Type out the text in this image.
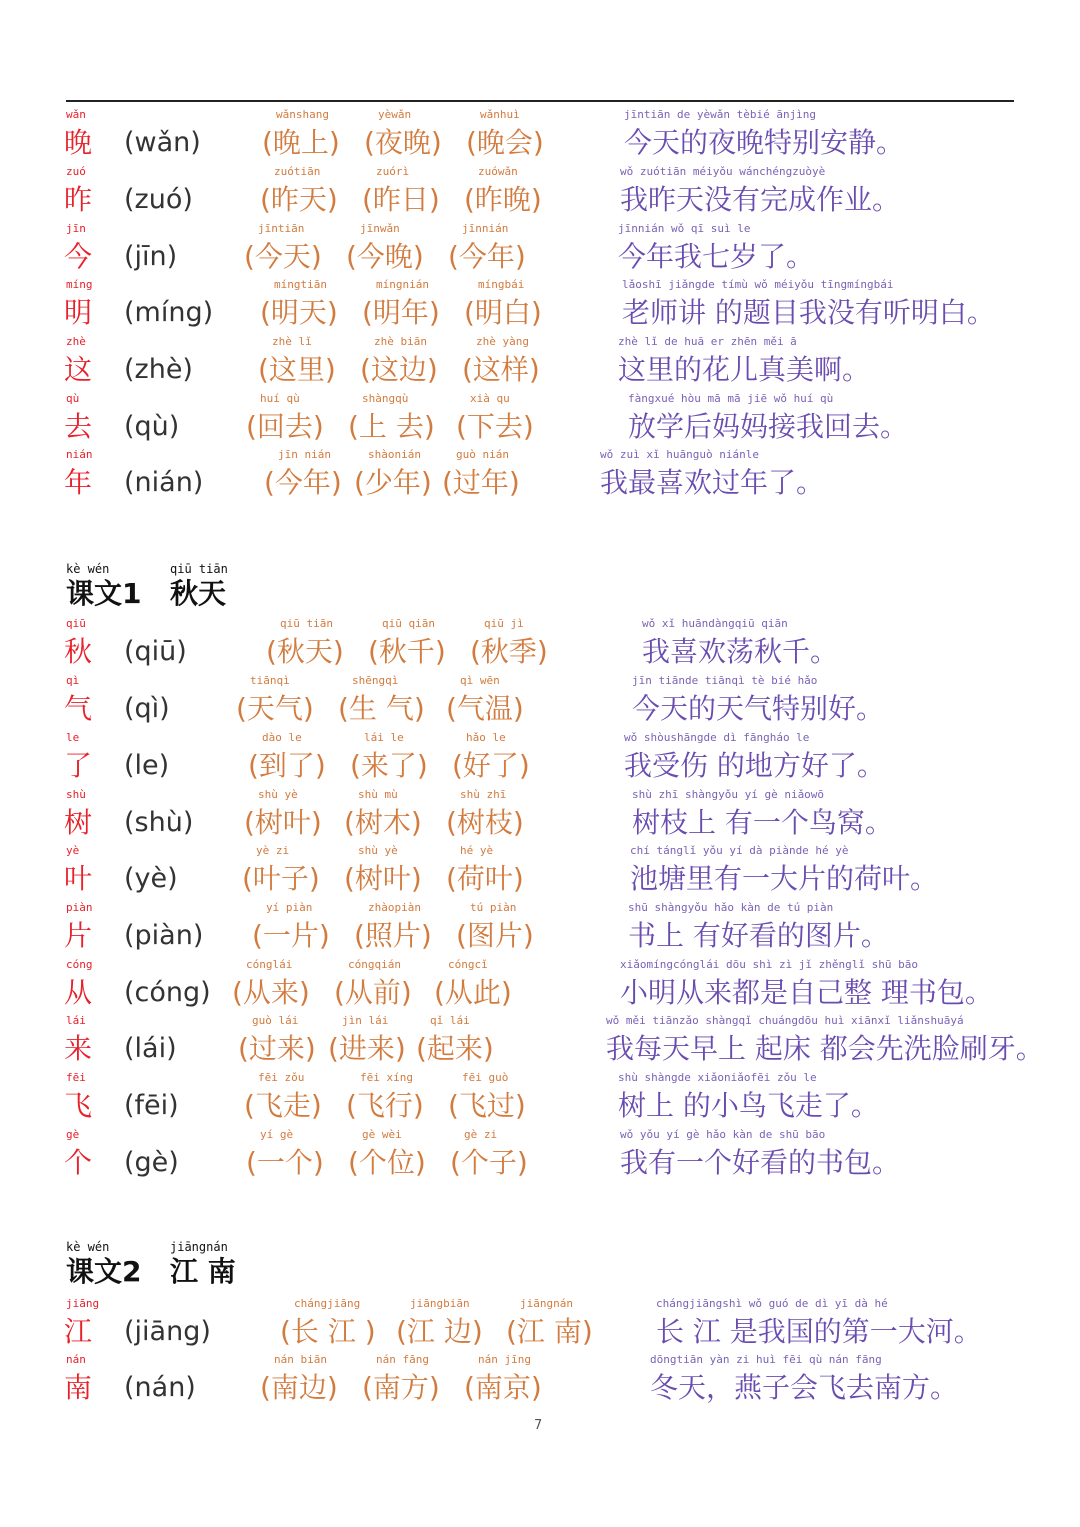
wǎn
晚 (wǎn)
wǎnshang
(晚上)
yèwǎn
(夜晚)
wǎnhuì
(晚会)
jīntiān de yèwǎn tèbié ānjìng
今天的夜晚特别安静。
zuó
昨 (zuó)
zuótiān
(昨天)
zuórì
(昨日)
zuówǎn
(昨晚)
wǒ zuótiān méiyǒu wánchéngzuòyè
我昨天没有完成作业。
jīn
今 (jīn)
jīntiān
(今天)
jīnwǎn
(今晚)
jīnnián
(今年)
jīnnián wǒ qī suì le
今年我七岁了。
míng
明 (míng)
míngtiān
(明天)
míngnián
(明年)
míngbái
(明白)
lǎoshī jiǎngde tímù wǒ méiyǒu tīngmíngbái
老师讲 的题目我没有听明白。
zhè
这 (zhè)
zhè lǐ
(这里)
zhè biān
(这边)
zhè yàng
(这样)
zhè lǐ de huā er zhēn měi ā
这里的花儿真美啊。
qù
去 (qù)
huí qù
(回去)
shàngqù
(上 去)
xià qu
(下去)
fàngxué hòu mā mā jiē wǒ huí qù
放学后妈妈接我回去。
nián
年 (nián)
jīn nián
(今年)
shàonián
(少年)
guò nián
(过年)
wǒ zuì xǐ huānguò niánle
我最喜欢过年了。
kè wén
课文1
qiū tiān
秋天
qiū
秋 (qiū)
qiū tiān
(秋天)
qiū qiān
(秋千)
qiū jì
(秋季)
wǒ xǐ huāndàngqiū qiān
我喜欢荡秋千。
qì
气 (qì)
tiānqì
(天气)
shēngqì
(生 气)
qì wēn
(气温)
jīn tiānde tiānqì tè bié hǎo
今天的天气特别好。
le
了 (le)
dào le
(到了)
lái le
(来了)
hǎo le
(好了)
wǒ shòushāngde dì fāngháo le
我受伤 的地方好了。
shù
树 (shù)
shù yè
(树叶)
shù mù
(树木)
shù zhī
(树枝)
shù zhī shàngyǒu yí gè niǎowō
树枝上 有一个鸟窝。
yè
叶 (yè)
yè zi
(叶子)
shù yè
(树叶)
hé yè
(荷叶)
chí tánglǐ yǒu yí dà piànde hé yè
池塘里有一大片的荷叶。
piàn
片 (piàn)
yí piàn
(一片)
zhàopiàn
(照片)
tú piàn
(图片)
shū shàngyǒu hǎo kàn de tú piàn
书上 有好看的图片。
cóng
从 (cóng)
cónglái
(从来)
cóngqián
(从前)
cóngcǐ
(从此)
xiǎomíngcónglái dōu shì zì jǐ zhěnglǐ shū bāo
小明从来都是自己整 理书包。
lái
来 (lái)
guò lái
(过来)
jìn lái
(进来)
qǐ lái
(起来)
wǒ měi tiānzǎo shàngqǐ chuángdōu huì xiānxǐ liǎnshuāyá
我每天早上 起床 都会先洗脸刷牙。
fēi
飞 (fēi)
fēi zǒu
(飞走)
fēi xíng
(飞行)
fēi guò
(飞过)
shù shàngde xiǎoniǎofēi zǒu le
树上 的小鸟飞走了。
gè
个 (gè)
yí gè
(一个)
gè wèi
(个位)
gè zi
(个子)
wǒ yǒu yí gè hǎo kàn de shū bāo
我有一个好看的书包。
kè wén
课文2
jiāngnán
江 南
jiāng
江 (jiāng)
chángjiāng
(长 江 )
jiāngbiān
(江 边)
jiāngnán
(江 南)
chángjiāngshì wǒ guó de dì yī dà hé
长 江 是我国的第一大河。
nán
南 (nán)
nán biān
(南边)
nán fāng
(南方)
nán jīng
(南京)
dōngtiān yàn zi huì fēi qù nán fāng
冬天，燕子会飞去南方。
7
